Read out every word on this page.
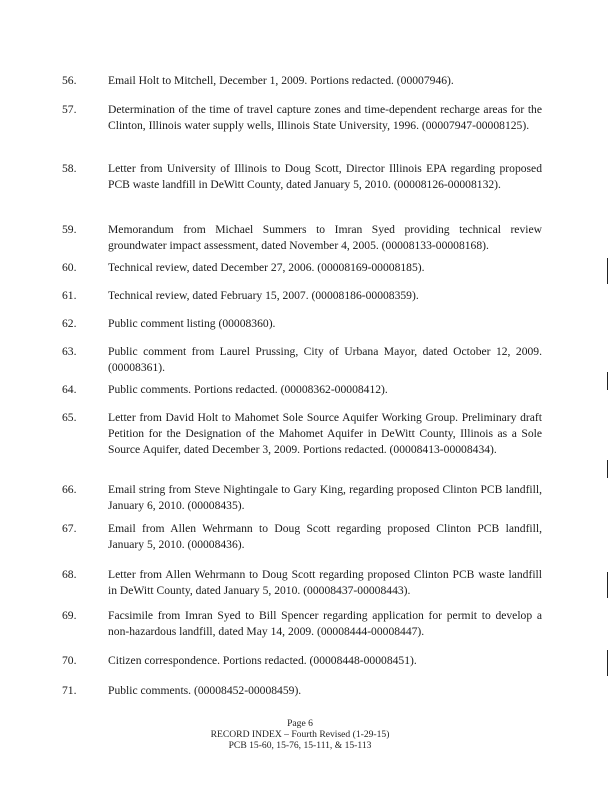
56.	Email Holt to Mitchell, December 1, 2009. Portions redacted. (00007946).
57.	Determination of the time of travel capture zones and time-dependent recharge areas for the Clinton, Illinois water supply wells, Illinois State University, 1996. (00007947-00008125).
58.	Letter from University of Illinois to Doug Scott, Director Illinois EPA regarding proposed PCB waste landfill in DeWitt County, dated January 5, 2010. (00008126-00008132).
59.	Memorandum from Michael Summers to Imran Syed providing technical review groundwater impact assessment, dated November 4, 2005. (00008133-00008168).
60.	Technical review, dated December 27, 2006. (00008169-00008185).
61.	Technical review, dated February 15, 2007. (00008186-00008359).
62.	Public comment listing (00008360).
63.	Public comment from Laurel Prussing, City of Urbana Mayor, dated October 12, 2009. (00008361).
64.	Public comments. Portions redacted. (00008362-00008412).
65.	Letter from David Holt to Mahomet Sole Source Aquifer Working Group. Preliminary draft Petition for the Designation of the Mahomet Aquifer in DeWitt County, Illinois as a Sole Source Aquifer, dated December 3, 2009. Portions redacted. (00008413-00008434).
66.	Email string from Steve Nightingale to Gary King, regarding proposed Clinton PCB landfill, January 6, 2010. (00008435).
67.	Email from Allen Wehrmann to Doug Scott regarding proposed Clinton PCB landfill, January 5, 2010. (00008436).
68.	Letter from Allen Wehrmann to Doug Scott regarding proposed Clinton PCB waste landfill in DeWitt County, dated January 5, 2010. (00008437-00008443).
69.	Facsimile from Imran Syed to Bill Spencer regarding application for permit to develop a non-hazardous landfill, dated May 14, 2009. (00008444-00008447).
70.	Citizen correspondence. Portions redacted. (00008448-00008451).
71.	Public comments. (00008452-00008459).
Page 6
RECORD INDEX – Fourth Revised (1-29-15)
PCB 15-60, 15-76, 15-111, & 15-113
